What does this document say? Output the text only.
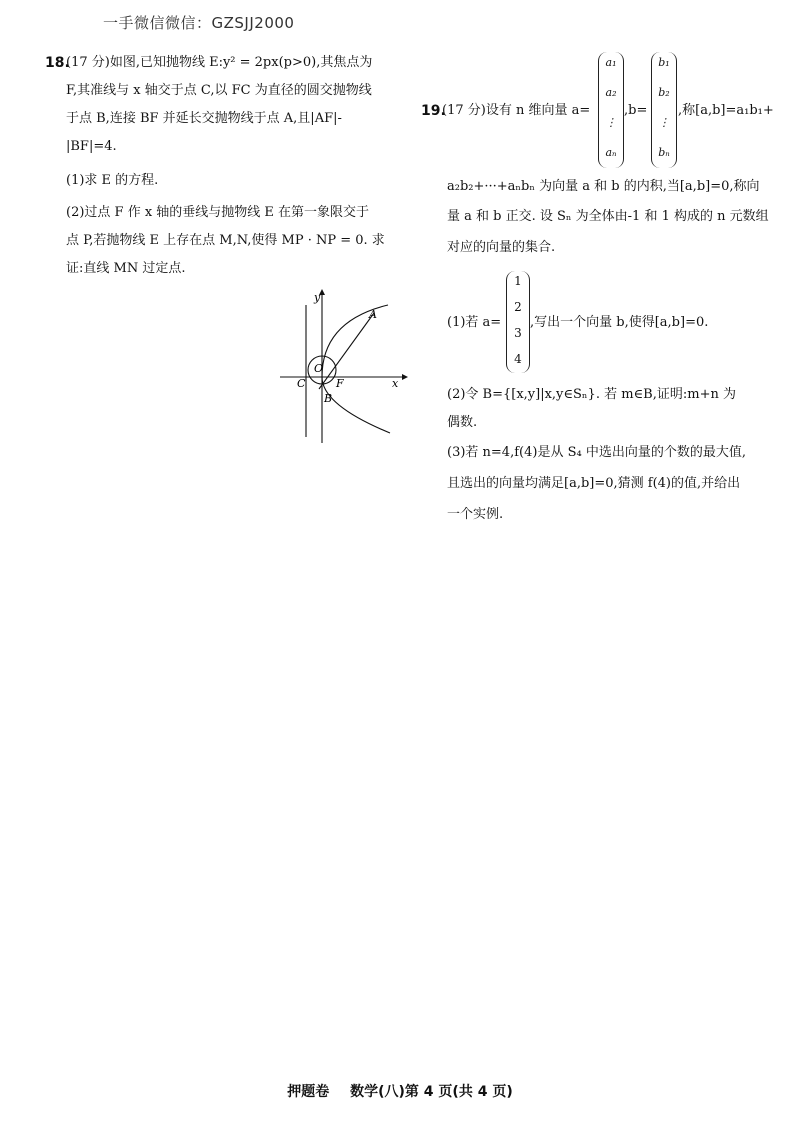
一手微信微信：GZSJJ2000
18.
(17 分)如图,已知抛物线 E:y² = 2px(p>0),其焦点为
F,其准线与 x 轴交于点 C,以 FC 为直径的圆交抛物线
于点 B,连接 BF 并延长交抛物线于点 A,且|AF|-
|BF|=4.
(1)求 E 的方程.
(2)过点 F 作 x 轴的垂线与抛物线 E 在第一象限交于
点 P,若抛物线 E 上存在点 M,N,使得 MP · NP = 0. 求
证:直线 MN 过定点.
y
x
A
O
C	F
B
19.
(17 分)设有 n 维向量 a=
a₁
a₂
⋮
aₙ
,b=
b₁
b₂
⋮
bₙ
,称[a,b]=a₁b₁+
a₂b₂+···+aₙbₙ 为向量 a 和 b 的内积,当[a,b]=0,称向
量 a 和 b 正交. 设 Sₙ 为全体由-1 和 1 构成的 n 元数组
对应的向量的集合.
(1)若 a=
1
2
3
4
,写出一个向量 b,使得[a,b]=0.
(2)令 B={[x,y]|x,y∈Sₙ}. 若 m∈B,证明:m+n 为
偶数.
(3)若 n=4,f(4)是从 S₄ 中选出向量的个数的最大值,
且选出的向量均满足[a,b]=0,猜测 f(4)的值,并给出
一个实例.
押题卷 数学(八)第 4 页(共 4 页)
